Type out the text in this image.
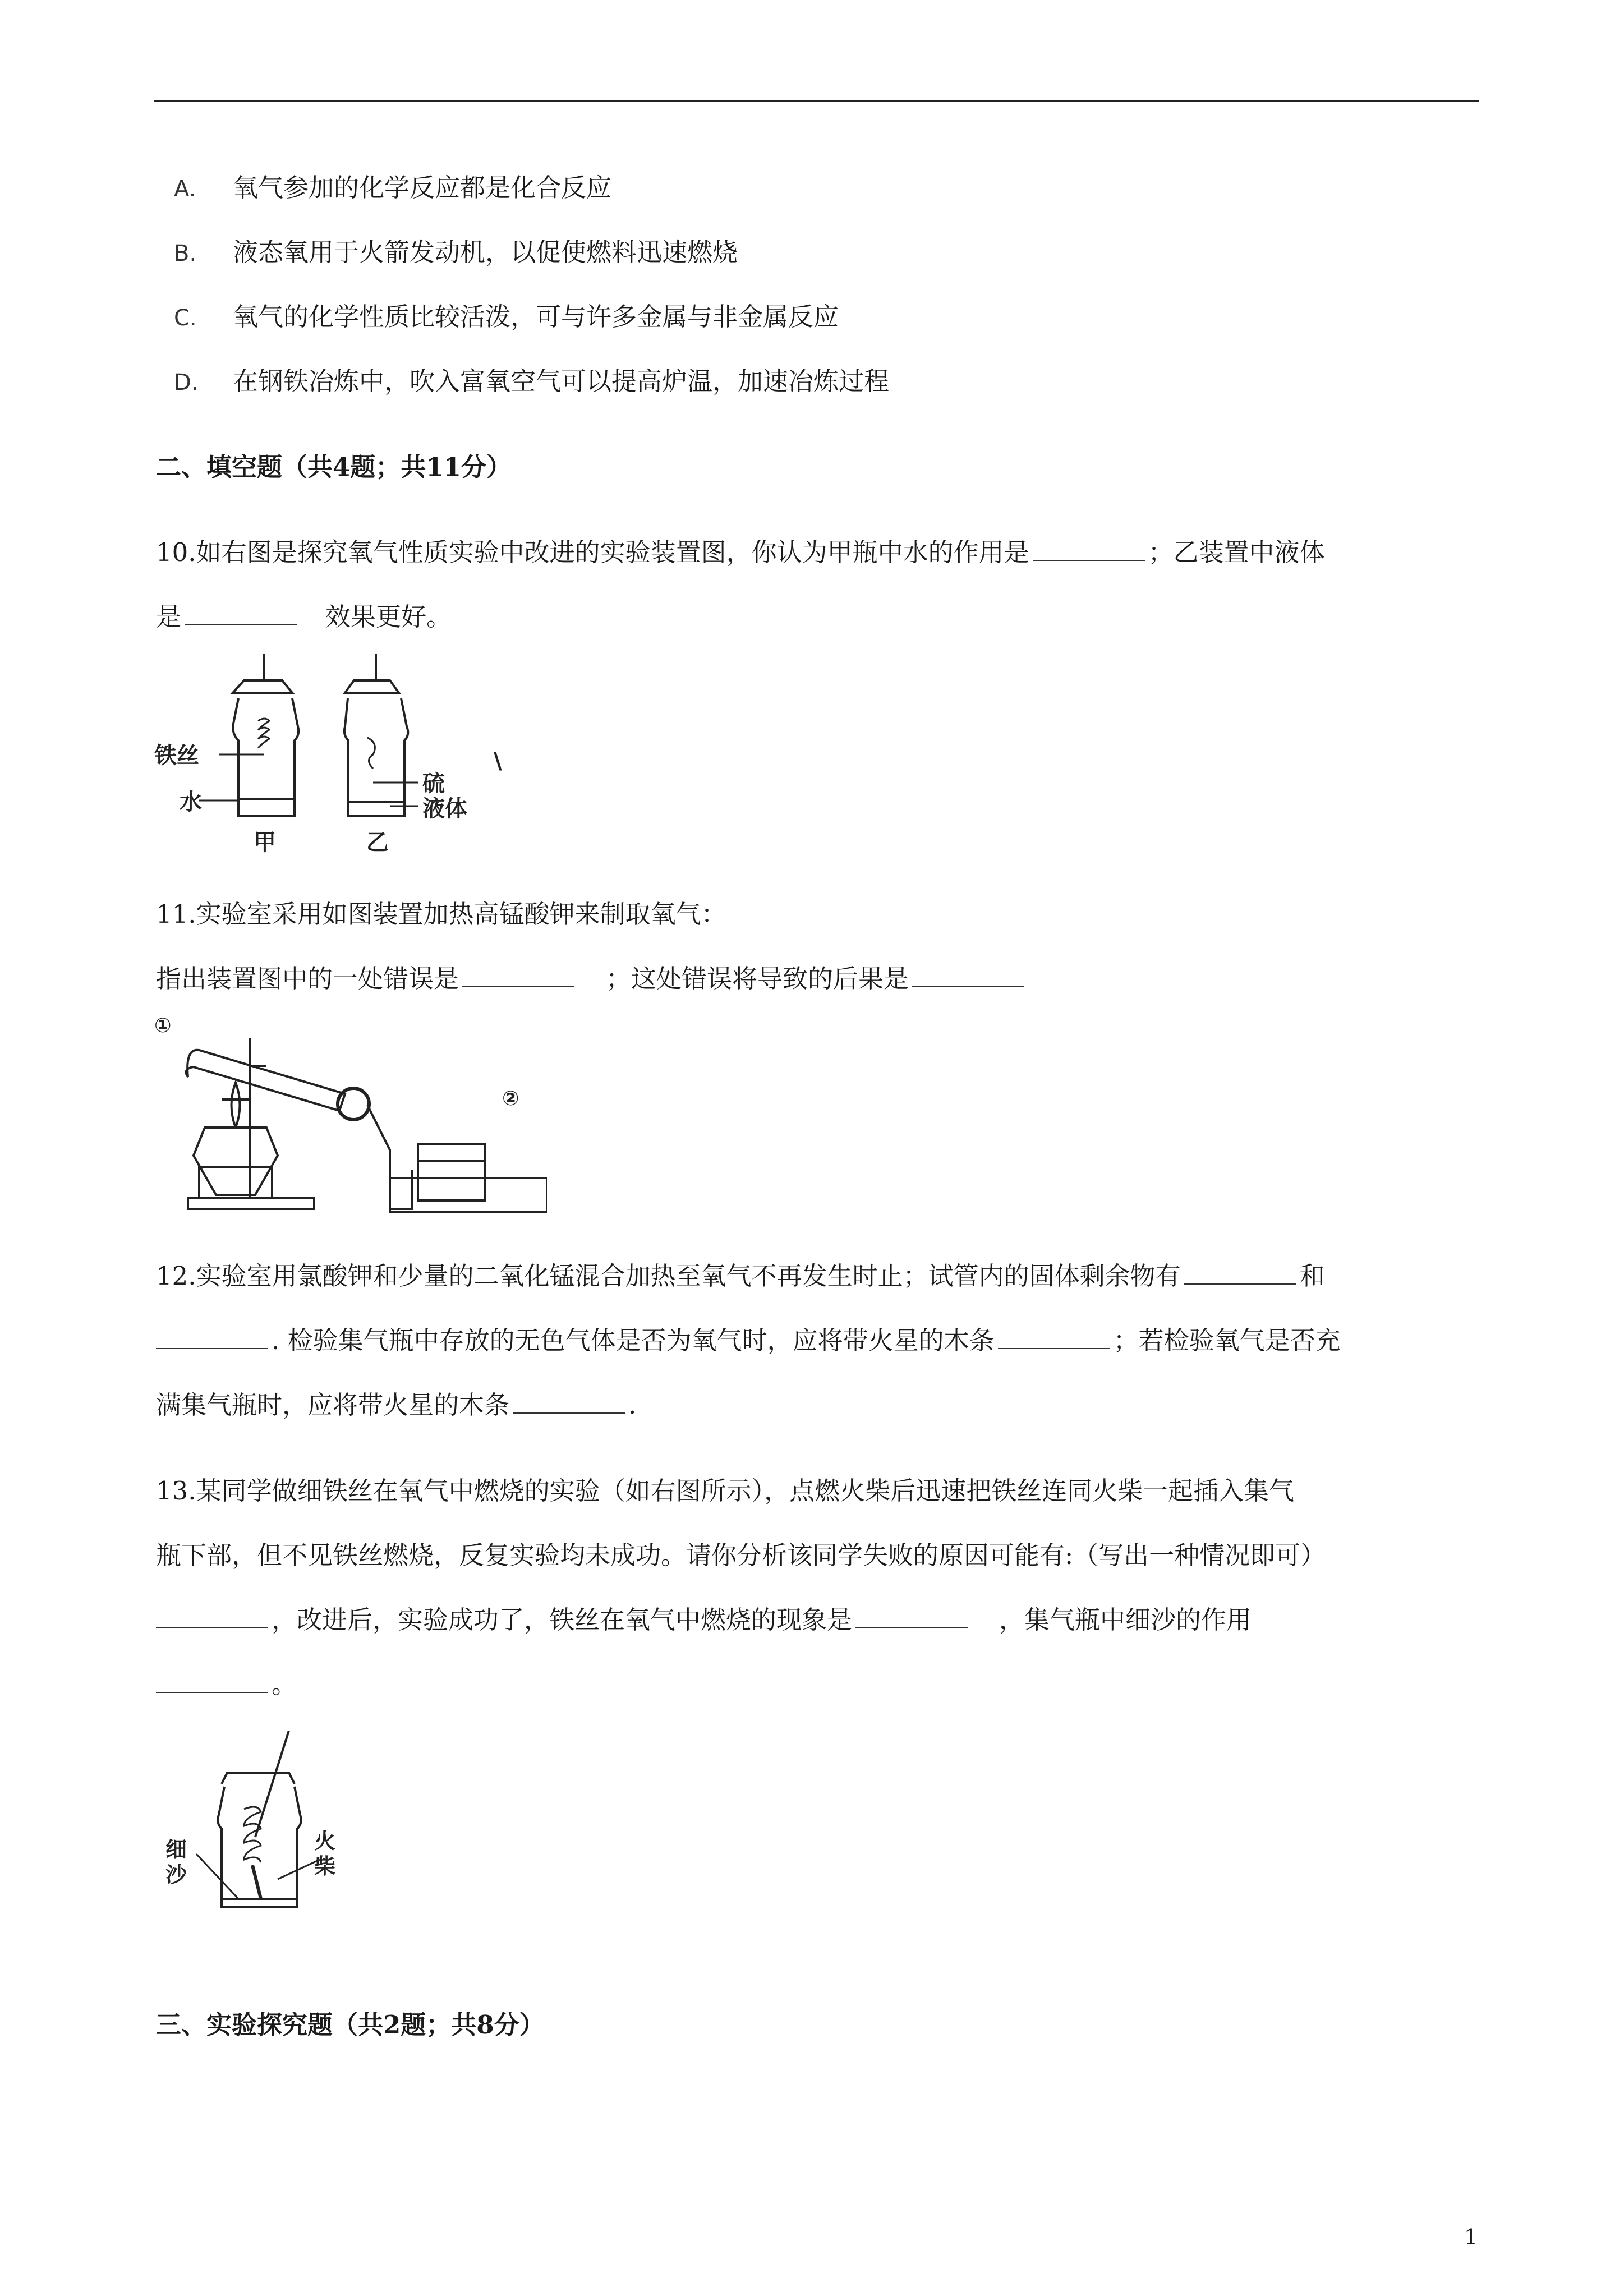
A. 氧气参加的化学反应都是化合反应
B. 液态氧用于火箭发动机，以促使燃料迅速燃烧
C. 氧气的化学性质比较活泼，可与许多金属与非金属反应
D. 在钢铁冶炼中，吹入富氧空气可以提高炉温，加速冶炼过程
二、填空题（共4题；共11分）
10.如右图是探究氧气性质实验中改进的实验装置图，你认为甲瓶中水的作用是	；乙装置中液体
是	效果更好。
铁丝
水
硫
液体
甲	乙
\
11.实验室采用如图装置加热高锰酸钾来制取氧气：
指出装置图中的一处错误是	；这处错误将导致的后果是
①
②
12.实验室用氯酸钾和少量的二氧化锰混合加热至氧气不再发生时止；试管内的固体剩余物有	和
. 检验集气瓶中存放的无色气体是否为氧气时，应将带火星的木条	；若检验氧气是否充
满集气瓶时，应将带火星的木条	.
13.某同学做细铁丝在氧气中燃烧的实验（如右图所示），点燃火柴后迅速把铁丝连同火柴一起插入集气
瓶下部，但不见铁丝燃烧，反复实验均未成功。请你分析该同学失败的原因可能有:（写出一种情况即可）
，改进后，实验成功了，铁丝在氧气中燃烧的现象是	，集气瓶中细沙的作用
。
细
沙
火
柴
三、实验探究题（共2题；共8分）
1
